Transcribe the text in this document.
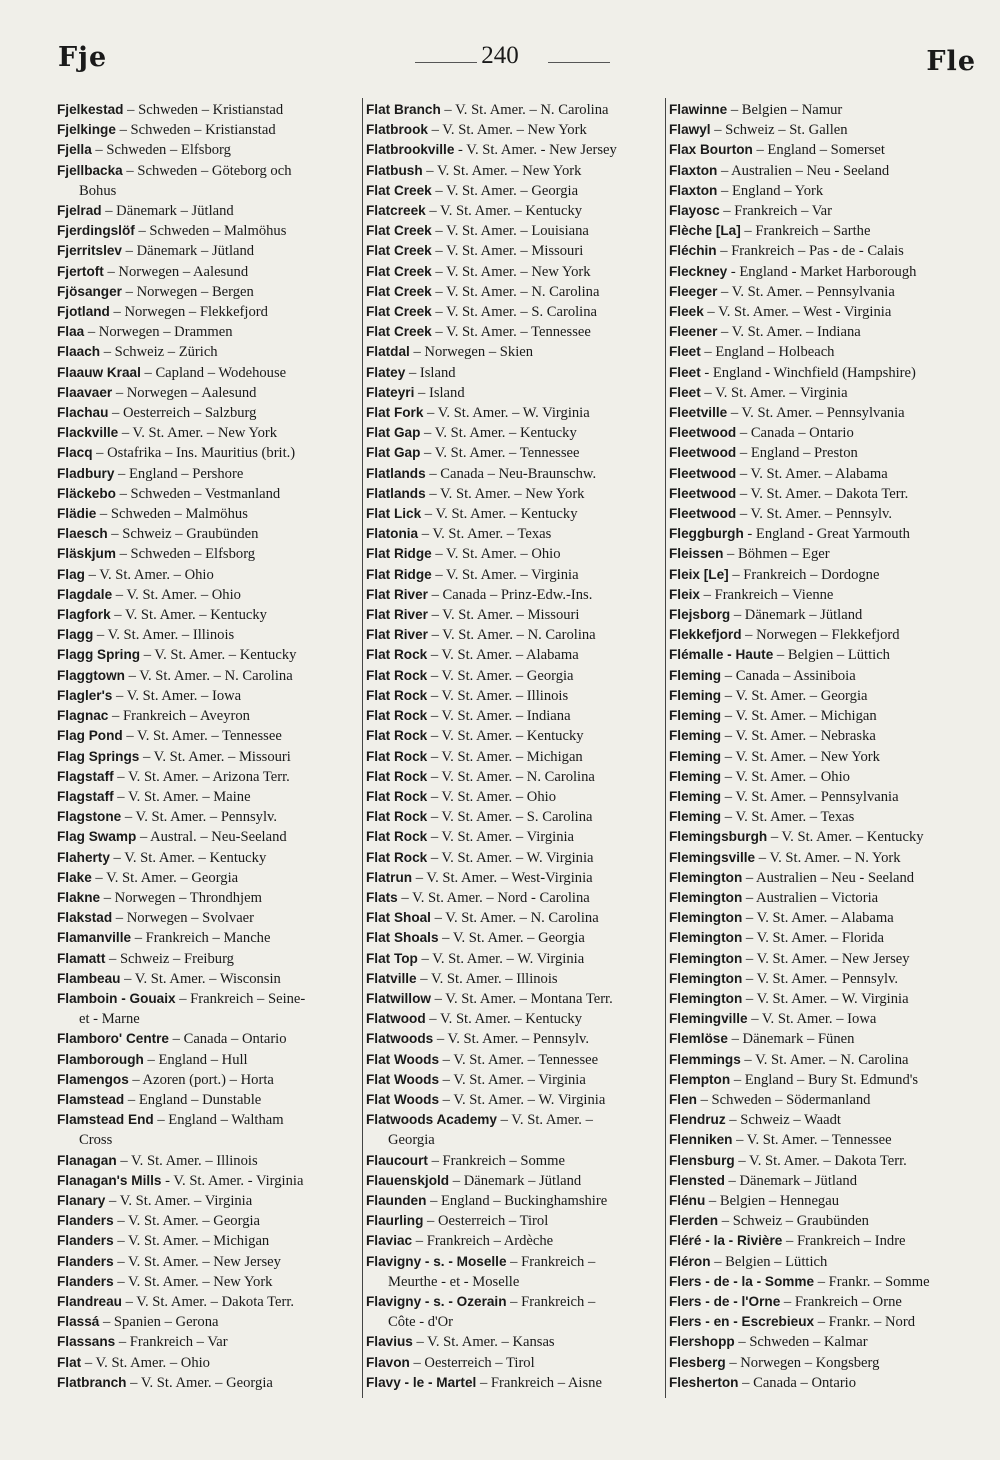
Fje	240	Fle
Fjelkestad – Schweden – Kristianstad
Fjelkinge – Schweden – Kristianstad
Fjella – Schweden – Elfsborg
Fjellbacka – Schweden – Göteborg och
Bohus
Fjelrad – Dänemark – Jütland
Fjerdingslöf – Schweden – Malmöhus
Fjerritslev – Dänemark – Jütland
Fjertoft – Norwegen – Aalesund
Fjösanger – Norwegen – Bergen
Fjotland – Norwegen – Flekkefjord
Flaa – Norwegen – Drammen
Flaach – Schweiz – Zürich
Flaauw Kraal – Capland – Wodehouse
Flaavaer – Norwegen – Aalesund
Flachau – Oesterreich – Salzburg
Flackville – V. St. Amer. – New York
Flacq – Ostafrika – Ins. Mauritius (brit.)
Fladbury – England – Pershore
Fläckebo – Schweden – Vestmanland
Flädie – Schweden – Malmöhus
Flaesch – Schweiz – Graubünden
Fläskjum – Schweden – Elfsborg
Flag – V. St. Amer. – Ohio
Flagdale – V. St. Amer. – Ohio
Flagfork – V. St. Amer. – Kentucky
Flagg – V. St. Amer. – Illinois
Flagg Spring – V. St. Amer. – Kentucky
Flaggtown – V. St. Amer. – N. Carolina
Flagler's – V. St. Amer. – Iowa
Flagnac – Frankreich – Aveyron
Flag Pond – V. St. Amer. – Tennessee
Flag Springs – V. St. Amer. – Missouri
Flagstaff – V. St. Amer. – Arizona Terr.
Flagstaff – V. St. Amer. – Maine
Flagstone – V. St. Amer. – Pennsylv.
Flag Swamp – Austral. – Neu-Seeland
Flaherty – V. St. Amer. – Kentucky
Flake – V. St. Amer. – Georgia
Flakne – Norwegen – Throndhjem
Flakstad – Norwegen – Svolvaer
Flamanville – Frankreich – Manche
Flamatt – Schweiz – Freiburg
Flambeau – V. St. Amer. – Wisconsin
Flamboin - Gouaix – Frankreich – Seine-
et - Marne
Flamboro' Centre – Canada – Ontario
Flamborough – England – Hull
Flamengos – Azoren (port.) – Horta
Flamstead – England – Dunstable
Flamstead End – England – Waltham
Cross
Flanagan – V. St. Amer. – Illinois
Flanagan's Mills - V. St. Amer. - Virginia
Flanary – V. St. Amer. – Virginia
Flanders – V. St. Amer. – Georgia
Flanders – V. St. Amer. – Michigan
Flanders – V. St. Amer. – New Jersey
Flanders – V. St. Amer. – New York
Flandreau – V. St. Amer. – Dakota Terr.
Flassá – Spanien – Gerona
Flassans – Frankreich – Var
Flat – V. St. Amer. – Ohio
Flatbranch – V. St. Amer. – Georgia
Flat Branch – V. St. Amer. – N. Carolina
Flatbrook – V. St. Amer. – New York
Flatbrookville - V. St. Amer. - New Jersey
Flatbush – V. St. Amer. – New York
Flat Creek – V. St. Amer. – Georgia
Flatcreek – V. St. Amer. – Kentucky
Flat Creek – V. St. Amer. – Louisiana
Flat Creek – V. St. Amer. – Missouri
Flat Creek – V. St. Amer. – New York
Flat Creek – V. St. Amer. – N. Carolina
Flat Creek – V. St. Amer. – S. Carolina
Flat Creek – V. St. Amer. – Tennessee
Flatdal – Norwegen – Skien
Flatey – Island
Flateyri – Island
Flat Fork – V. St. Amer. – W. Virginia
Flat Gap – V. St. Amer. – Kentucky
Flat Gap – V. St. Amer. – Tennessee
Flatlands – Canada – Neu-Braunschw.
Flatlands – V. St. Amer. – New York
Flat Lick – V. St. Amer. – Kentucky
Flatonia – V. St. Amer. – Texas
Flat Ridge – V. St. Amer. – Ohio
Flat Ridge – V. St. Amer. – Virginia
Flat River – Canada – Prinz-Edw.-Ins.
Flat River – V. St. Amer. – Missouri
Flat River – V. St. Amer. – N. Carolina
Flat Rock – V. St. Amer. – Alabama
Flat Rock – V. St. Amer. – Georgia
Flat Rock – V. St. Amer. – Illinois
Flat Rock – V. St. Amer. – Indiana
Flat Rock – V. St. Amer. – Kentucky
Flat Rock – V. St. Amer. – Michigan
Flat Rock – V. St. Amer. – N. Carolina
Flat Rock – V. St. Amer. – Ohio
Flat Rock – V. St. Amer. – S. Carolina
Flat Rock – V. St. Amer. – Virginia
Flat Rock – V. St. Amer. – W. Virginia
Flatrun – V. St. Amer. – West-Virginia
Flats – V. St. Amer. – Nord - Carolina
Flat Shoal – V. St. Amer. – N. Carolina
Flat Shoals – V. St. Amer. – Georgia
Flat Top – V. St. Amer. – W. Virginia
Flatville – V. St. Amer. – Illinois
Flatwillow – V. St. Amer. – Montana Terr.
Flatwood – V. St. Amer. – Kentucky
Flatwoods – V. St. Amer. – Pennsylv.
Flat Woods – V. St. Amer. – Tennessee
Flat Woods – V. St. Amer. – Virginia
Flat Woods – V. St. Amer. – W. Virginia
Flatwoods Academy – V. St. Amer. –
Georgia
Flaucourt – Frankreich – Somme
Flauenskjold – Dänemark – Jütland
Flaunden – England – Buckinghamshire
Flaurling – Oesterreich – Tirol
Flaviac – Frankreich – Ardèche
Flavigny - s. - Moselle – Frankreich –
Meurthe - et - Moselle
Flavigny - s. - Ozerain – Frankreich –
Côte - d'Or
Flavius – V. St. Amer. – Kansas
Flavon – Oesterreich – Tirol
Flavy - le - Martel – Frankreich – Aisne
Flawinne – Belgien – Namur
Flawyl – Schweiz – St. Gallen
Flax Bourton – England – Somerset
Flaxton – Australien – Neu - Seeland
Flaxton – England – York
Flayosc – Frankreich – Var
Flèche [La] – Frankreich – Sarthe
Fléchin – Frankreich – Pas - de - Calais
Fleckney - England - Market Harborough
Fleeger – V. St. Amer. – Pennsylvania
Fleek – V. St. Amer. – West - Virginia
Fleener – V. St. Amer. – Indiana
Fleet – England – Holbeach
Fleet - England - Winchfield (Hampshire)
Fleet – V. St. Amer. – Virginia
Fleetville – V. St. Amer. – Pennsylvania
Fleetwood – Canada – Ontario
Fleetwood – England – Preston
Fleetwood – V. St. Amer. – Alabama
Fleetwood – V. St. Amer. – Dakota Terr.
Fleetwood – V. St. Amer. – Pennsylv.
Fleggburgh - England - Great Yarmouth
Fleissen – Böhmen – Eger
Fleix [Le] – Frankreich – Dordogne
Fleix – Frankreich – Vienne
Flejsborg – Dänemark – Jütland
Flekkefjord – Norwegen – Flekkefjord
Flémalle - Haute – Belgien – Lüttich
Fleming – Canada – Assiniboia
Fleming – V. St. Amer. – Georgia
Fleming – V. St. Amer. – Michigan
Fleming – V. St. Amer. – Nebraska
Fleming – V. St. Amer. – New York
Fleming – V. St. Amer. – Ohio
Fleming – V. St. Amer. – Pennsylvania
Fleming – V. St. Amer. – Texas
Flemingsburgh – V. St. Amer. – Kentucky
Flemingsville – V. St. Amer. – N. York
Flemington – Australien – Neu - Seeland
Flemington – Australien – Victoria
Flemington – V. St. Amer. – Alabama
Flemington – V. St. Amer. – Florida
Flemington – V. St. Amer. – New Jersey
Flemington – V. St. Amer. – Pennsylv.
Flemington – V. St. Amer. – W. Virginia
Flemingville – V. St. Amer. – Iowa
Flemlöse – Dänemark – Fünen
Flemmings – V. St. Amer. – N. Carolina
Flempton – England – Bury St. Edmund's
Flen – Schweden – Södermanland
Flendruz – Schweiz – Waadt
Flenniken – V. St. Amer. – Tennessee
Flensburg – V. St. Amer. – Dakota Terr.
Flensted – Dänemark – Jütland
Flénu – Belgien – Hennegau
Flerden – Schweiz – Graubünden
Fléré - la - Rivière – Frankreich – Indre
Fléron – Belgien – Lüttich
Flers - de - la - Somme – Frankr. – Somme
Flers - de - l'Orne – Frankreich – Orne
Flers - en - Escrebieux – Frankr. – Nord
Flershopp – Schweden – Kalmar
Flesberg – Norwegen – Kongsberg
Flesherton – Canada – Ontario
